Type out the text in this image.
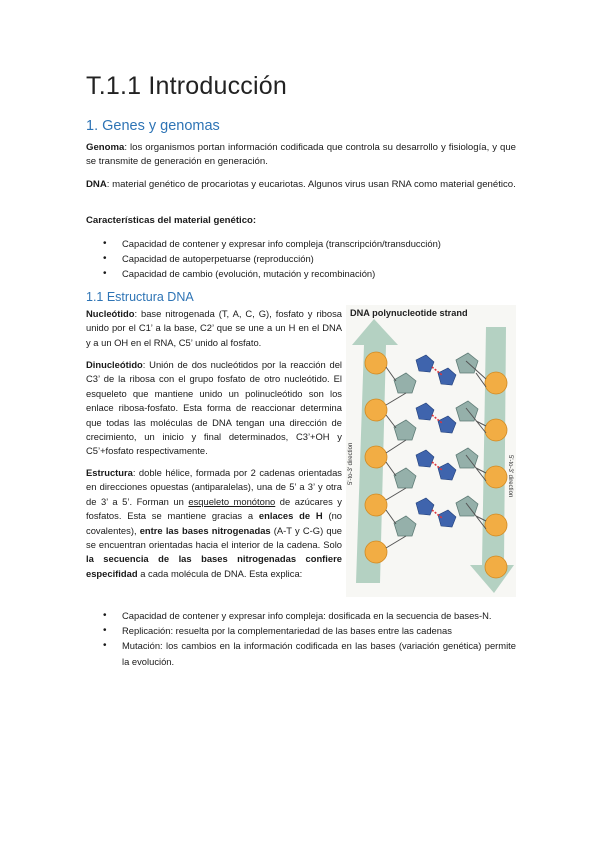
T.1.1 Introducción
1. Genes y genomas

Genoma: los organismos portan información codificada que controla su desarrollo y fisiología, y que se transmite de generación en generación.

DNA: material genético de procariotas y eucariotas. Algunos virus usan RNA como material genético.

Características del material genético:

• Capacidad de contener y expresar info compleja (transcripción/transducción)
• Capacidad de autoperpetuarse (reproducción)
• Capacidad de cambio (evolución, mutación y recombinación)
1.1 Estructura DNA

Nucleótido: base nitrogenada (T, A, C, G), fosfato y ribosa unido por el C1’ a la base, C2’ que se une a un H en el DNA y a un OH en el RNA, C5’ unido al fosfato.

Dinucleótido: Unión de dos nucleótidos por la reacción del C3’ de la ribosa con el grupo fosfato de otro nucleótido. El esqueleto que mantiene unido un polinucleótido son los enlace ribosa-fosfato. Esta forma de reaccionar determina que todas las moléculas de DNA tengan una dirección de crecimiento, un inicio y final determinados, C3’+OH y C5’+fosfato respectivamente.

Estructura: doble hélice, formada por 2 cadenas orientadas en direcciones opuestas (antiparalelas), una de 5’ a 3’ y otra de 3’ a 5’. Forman un esqueleto monótono de azúcares y fosfatos. Esta se mantiene gracias a enlaces de H (no covalentes), entre las bases nitrogenadas (A-T y C-G) que se encuentran orientadas hacia el interior de la cadena. Solo la secuencia de las bases nitrogenadas confiere especifidad a cada molécula de DNA. Esta explica:

DNA polynucleotide strand
5'-to-3' direction
5'-to-3' direction
• Capacidad de contener y expresar info compleja: dosificada en la secuencia de bases-N.
• Replicación: resuelta por la complementariedad de las bases entre las cadenas
• Mutación: los cambios en la información codificada en las bases (variación genética) permite la evolución.
